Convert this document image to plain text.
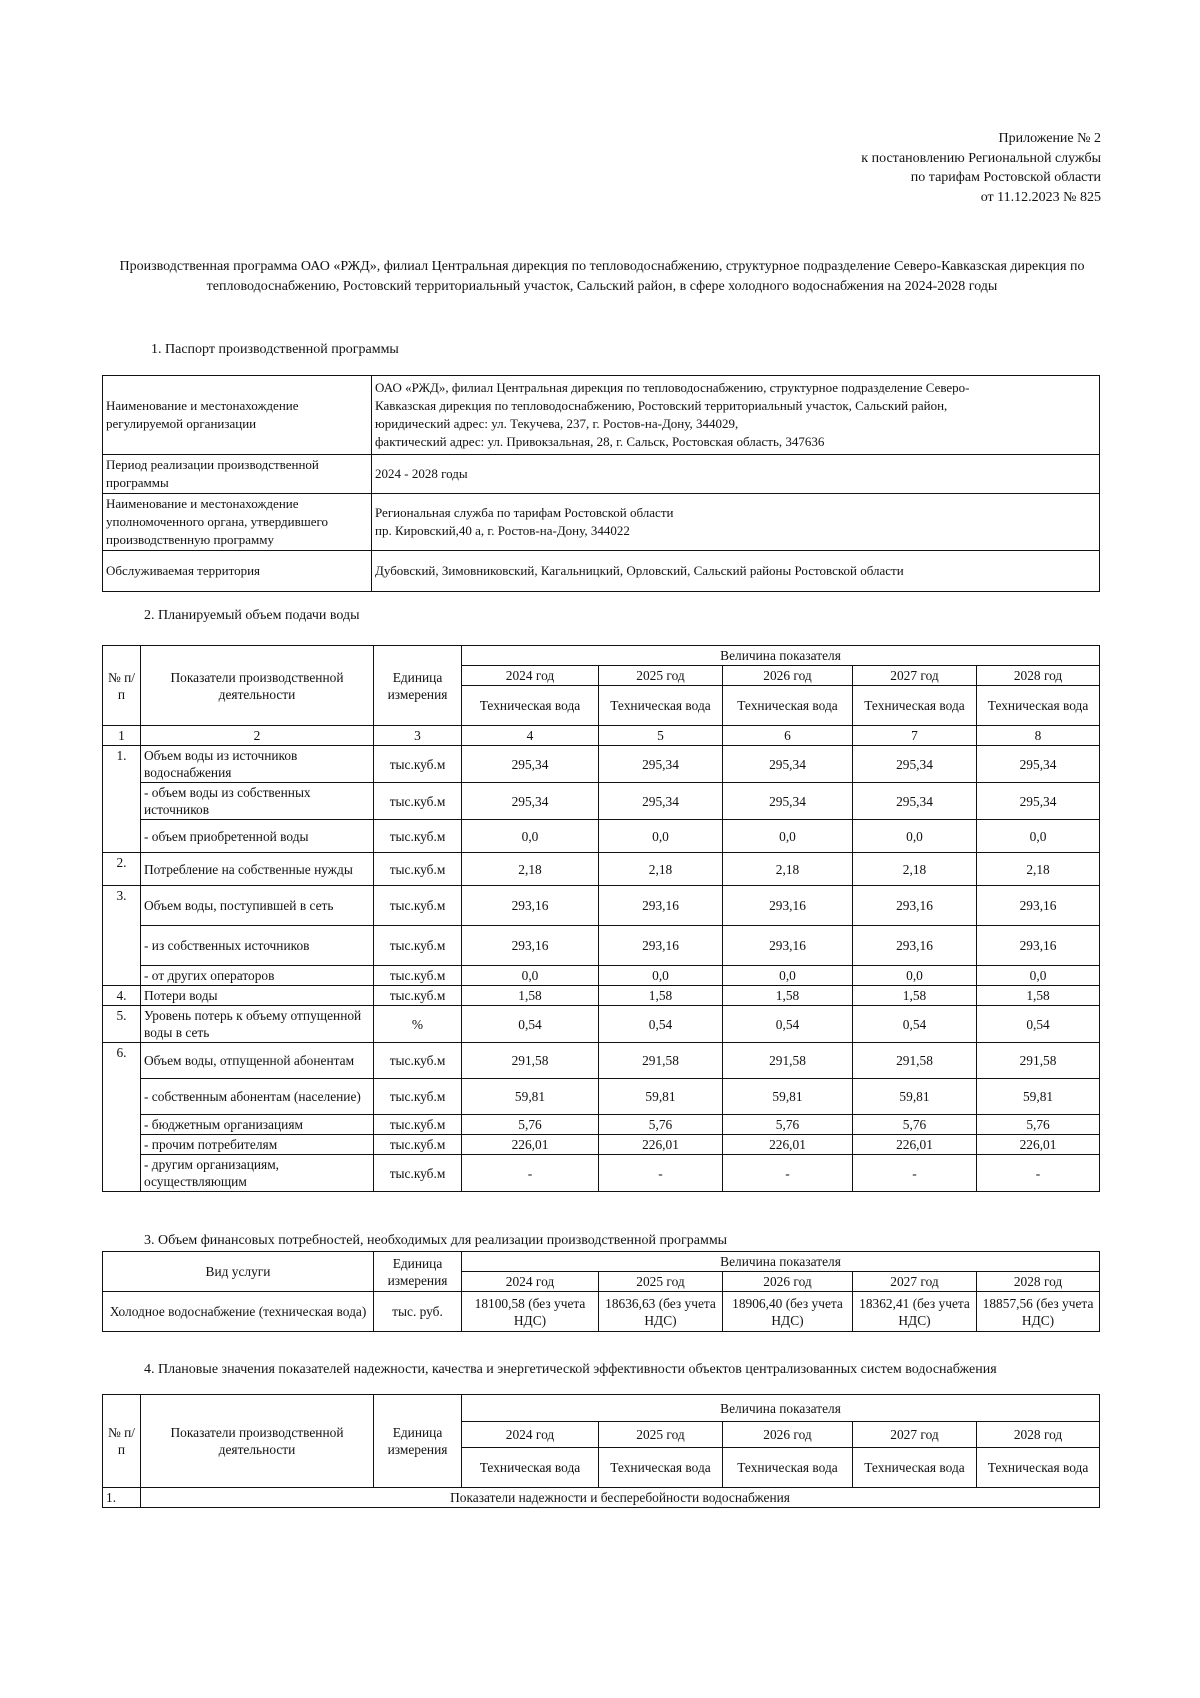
Приложение № 2
к постановлению Региональной службы
по тарифам Ростовской области
от 11.12.2023 № 825
Производственная программа ОАО «РЖД», филиал Центральная дирекция по тепловодоснабжению, структурное подразделение Северо-Кавказская дирекция по тепловодоснабжению, Ростовский территориальный участок, Сальский район, в сфере холодного водоснабжения на 2024-2028 годы
1. Паспорт производственной программы
Наименование и местонахождение регулируемой организации	ОАО «РЖД», филиал Центральная дирекция по тепловодоснабжению, структурное подразделение Северо-
Кавказская дирекция по тепловодоснабжению, Ростовский территориальный участок, Сальский район,
юридический адрес: ул. Текучева, 237, г. Ростов-на-Дону, 344029,
фактический адрес: ул. Привокзальная, 28, г. Сальск, Ростовская область, 347636

Период реализации производственной программы	2024 - 2028 годы
Наименование и местонахождение уполномоченного органа, утвердившего производственную программу	Региональная служба по тарифам Ростовской области
пр. Кировский,40 а, г. Ростов-на-Дону, 344022

Обслуживаемая территория	Дубовский, Зимовниковский, Кагальницкий, Орловский, Сальский районы Ростовской области
2. Планируемый объем подачи воды
№ п/п	Показатели производственной деятельности	Единица измерения	Величина показателя				
			2024 год	2025 год	2026 год	2027 год	2028 год
			Техническая вода	Техническая вода	Техническая вода	Техническая вода	Техническая вода
1	2	3	4	5	6	7	8
1.	Объем воды из источников водоснабжения	тыс.куб.м	295,34	295,34	295,34	295,34	295,34
	- объем воды из собственных источников	тыс.куб.м	295,34	295,34	295,34	295,34	295,34
	- объем приобретенной воды	тыс.куб.м	0,0	0,0	0,0	0,0	0,0
2.	Потребление на собственные нужды	тыс.куб.м	2,18	2,18	2,18	2,18	2,18
3.	Объем воды, поступившей в сеть	тыс.куб.м	293,16	293,16	293,16	293,16	293,16
	- из собственных источников	тыс.куб.м	293,16	293,16	293,16	293,16	293,16
	- от других операторов	тыс.куб.м	0,0	0,0	0,0	0,0	0,0
4.	Потери воды	тыс.куб.м	1,58	1,58	1,58	1,58	1,58
5.	Уровень потерь к объему отпущенной воды в сеть	%	0,54	0,54	0,54	0,54	0,54
6.	Объем воды, отпущенной абонентам	тыс.куб.м	291,58	291,58	291,58	291,58	291,58
	- собственным абонентам (население)	тыс.куб.м	59,81	59,81	59,81	59,81	59,81
	- бюджетным организациям	тыс.куб.м	5,76	5,76	5,76	5,76	5,76
	- прочим потребителям	тыс.куб.м	226,01	226,01	226,01	226,01	226,01
	- другим организациям, осуществляющим	тыс.куб.м	-	-	-	-	-
3. Объем финансовых потребностей, необходимых для реализации производственной программы
Вид услуги	Единица измерения	Величина показателя				
		2024 год	2025 год	2026 год	2027 год	2028 год
Холодное водоснабжение (техническая вода)	тыс. руб.	18100,58 (без учета НДС)	18636,63 (без учета НДС)	18906,40 (без учета НДС)	18362,41 (без учета НДС)	18857,56 (без учета НДС)
4. Плановые значения показателей надежности, качества и энергетической эффективности объектов централизованных систем водоснабжения
№ п/п	Показатели производственной деятельности	Единица измерения	Величина показателя				
			2024 год	2025 год	2026 год	2027 год	2028 год
			Техническая вода	Техническая вода	Техническая вода	Техническая вода	Техническая вода
1.	Показатели надежности и бесперебойности водоснабжения						
